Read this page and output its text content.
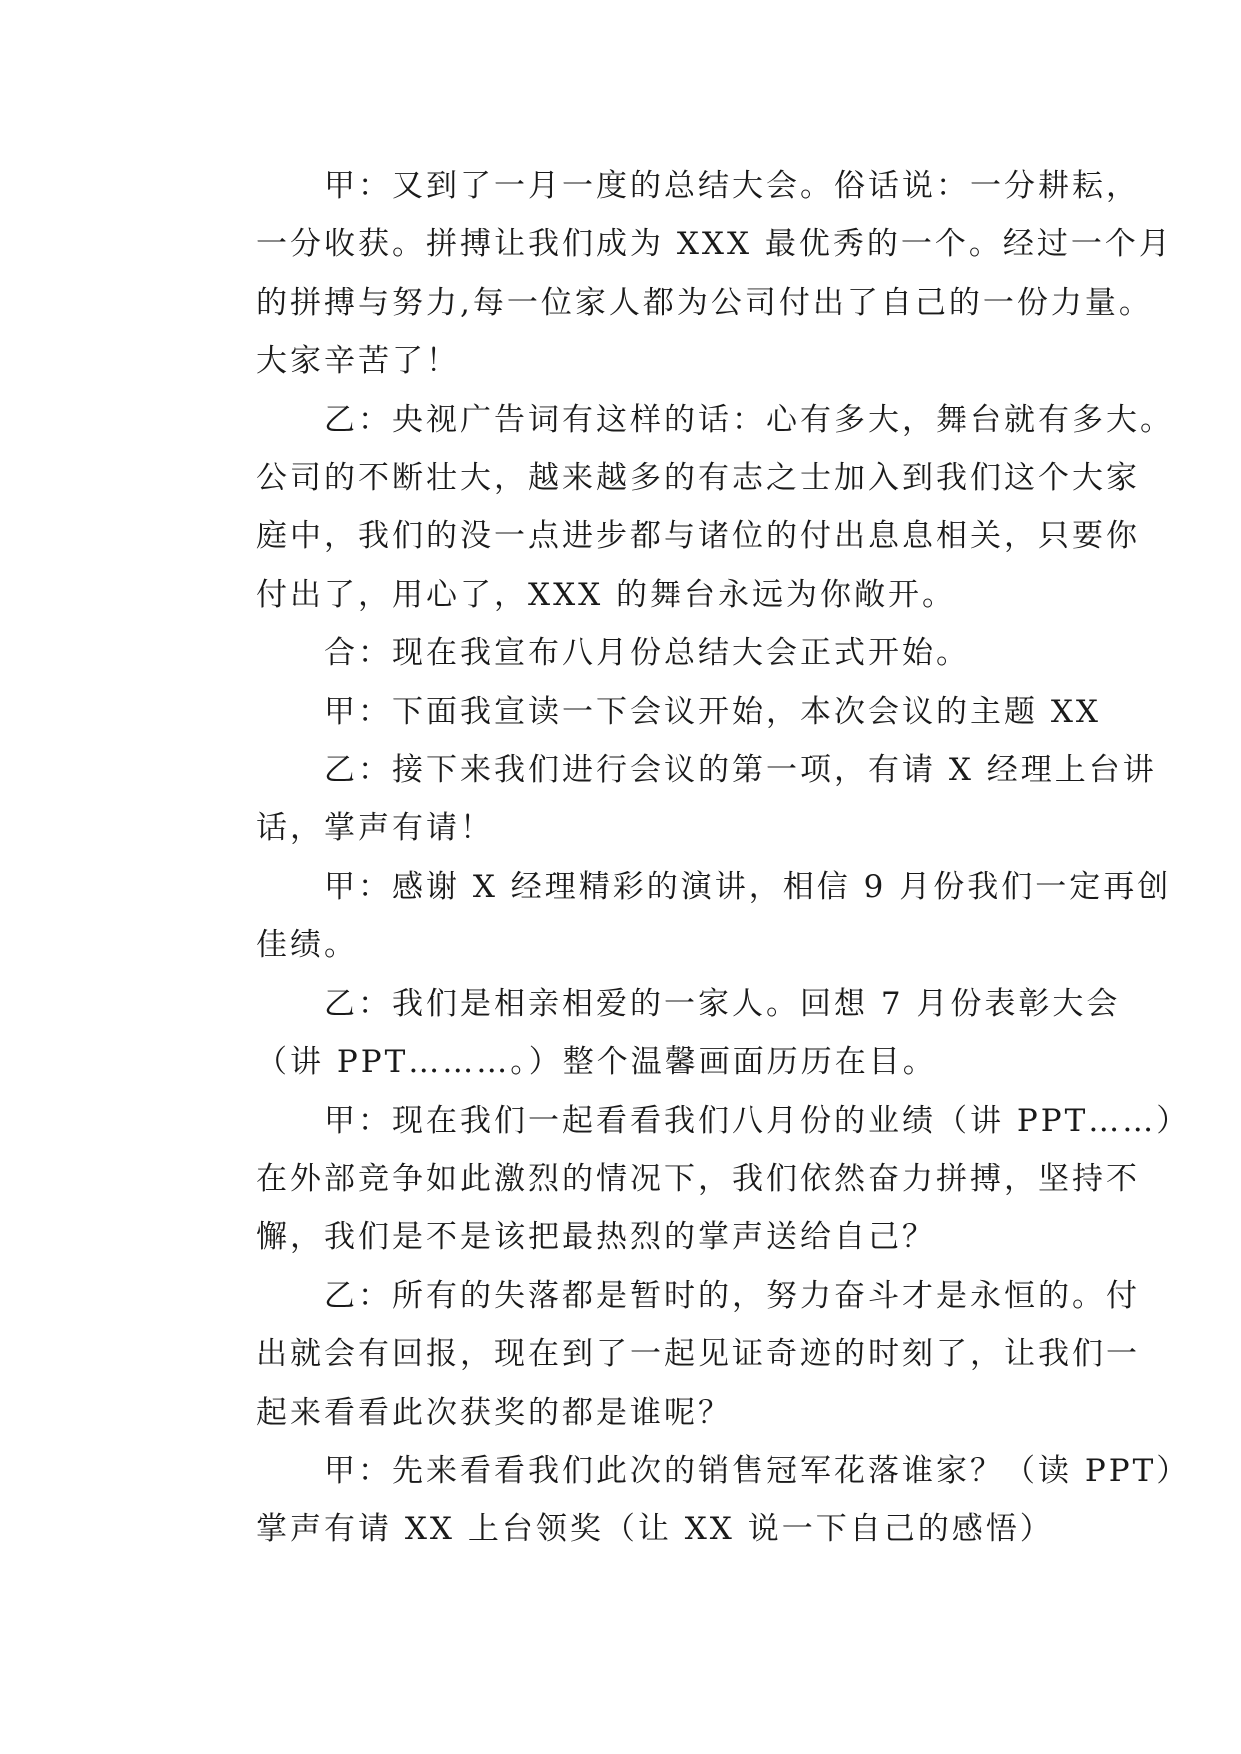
甲：又到了一月一度的总结大会。俗话说：一分耕耘，
一分收获。拼搏让我们成为 XXX 最优秀的一个。经过一个月
的拼搏与努力,每一位家人都为公司付出了自己的一份力量。
大家辛苦了！
乙：央视广告词有这样的话：心有多大，舞台就有多大。
公司的不断壮大，越来越多的有志之士加入到我们这个大家
庭中，我们的没一点进步都与诸位的付出息息相关，只要你
付出了，用心了，XXX 的舞台永远为你敞开。
合：现在我宣布八月份总结大会正式开始。
甲：下面我宣读一下会议开始，本次会议的主题 XX
乙：接下来我们进行会议的第一项，有请 X 经理上台讲
话，掌声有请！
甲：感谢 X 经理精彩的演讲，相信 9 月份我们一定再创
佳绩。
乙：我们是相亲相爱的一家人。回想 7 月份表彰大会
（讲 PPT………。）整个温馨画面历历在目。
甲：现在我们一起看看我们八月份的业绩（讲 PPT……）
在外部竞争如此激烈的情况下，我们依然奋力拼搏，坚持不
懈，我们是不是该把最热烈的掌声送给自己？
乙：所有的失落都是暂时的，努力奋斗才是永恒的。付
出就会有回报，现在到了一起见证奇迹的时刻了，让我们一
起来看看此次获奖的都是谁呢？
甲：先来看看我们此次的销售冠军花落谁家？（读 PPT）
掌声有请 XX 上台领奖（让 XX 说一下自己的感悟）
